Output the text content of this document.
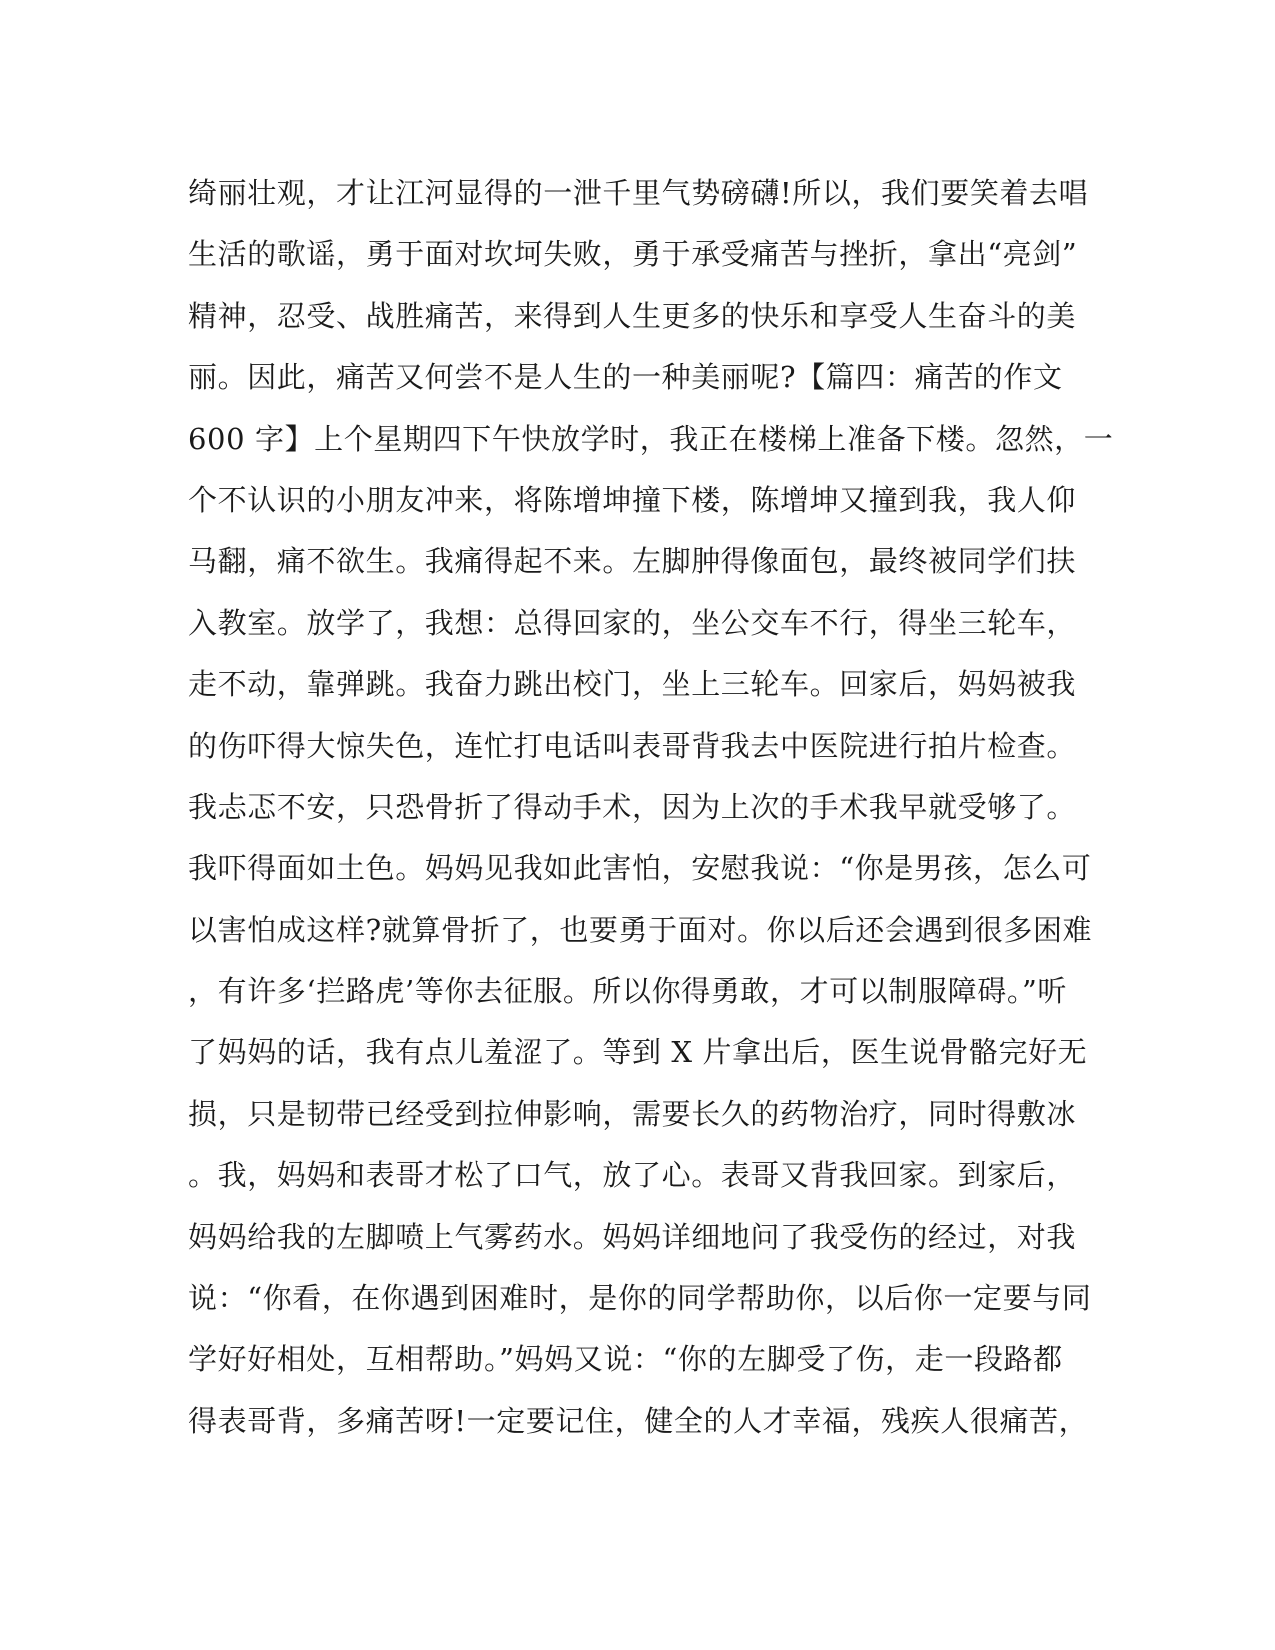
绮丽壮观，才让江河显得的一泄千里气势磅礴!所以，我们要笑着去唱
生活的歌谣，勇于面对坎坷失败，勇于承受痛苦与挫折，拿出“亮剑”
精神，忍受、战胜痛苦，来得到人生更多的快乐和享受人生奋斗的美
丽。因此，痛苦又何尝不是人生的一种美丽呢?【篇四：痛苦的作文
600 字】上个星期四下午快放学时，我正在楼梯上准备下楼。忽然，一
个不认识的小朋友冲来，将陈增坤撞下楼，陈增坤又撞到我，我人仰
马翻，痛不欲生。我痛得起不来。左脚肿得像面包，最终被同学们扶
入教室。放学了，我想：总得回家的，坐公交车不行，得坐三轮车，
走不动，靠弹跳。我奋力跳出校门，坐上三轮车。回家后，妈妈被我
的伤吓得大惊失色，连忙打电话叫表哥背我去中医院进行拍片检查。
我忐忑不安，只恐骨折了得动手术，因为上次的手术我早就受够了。
我吓得面如土色。妈妈见我如此害怕，安慰我说：“你是男孩，怎么可
以害怕成这样?就算骨折了，也要勇于面对。你以后还会遇到很多困难
，有许多‘拦路虎’等你去征服。所以你得勇敢，才可以制服障碍。”听
了妈妈的话，我有点儿羞涩了。等到 X 片拿出后，医生说骨骼完好无
损，只是韧带已经受到拉伸影响，需要长久的药物治疗，同时得敷冰
。我，妈妈和表哥才松了口气，放了心。表哥又背我回家。到家后，
妈妈给我的左脚喷上气雾药水。妈妈详细地问了我受伤的经过，对我
说：“你看，在你遇到困难时，是你的同学帮助你，以后你一定要与同
学好好相处，互相帮助。”妈妈又说：“你的左脚受了伤，走一段路都
得表哥背，多痛苦呀!一定要记住，健全的人才幸福，残疾人很痛苦，
